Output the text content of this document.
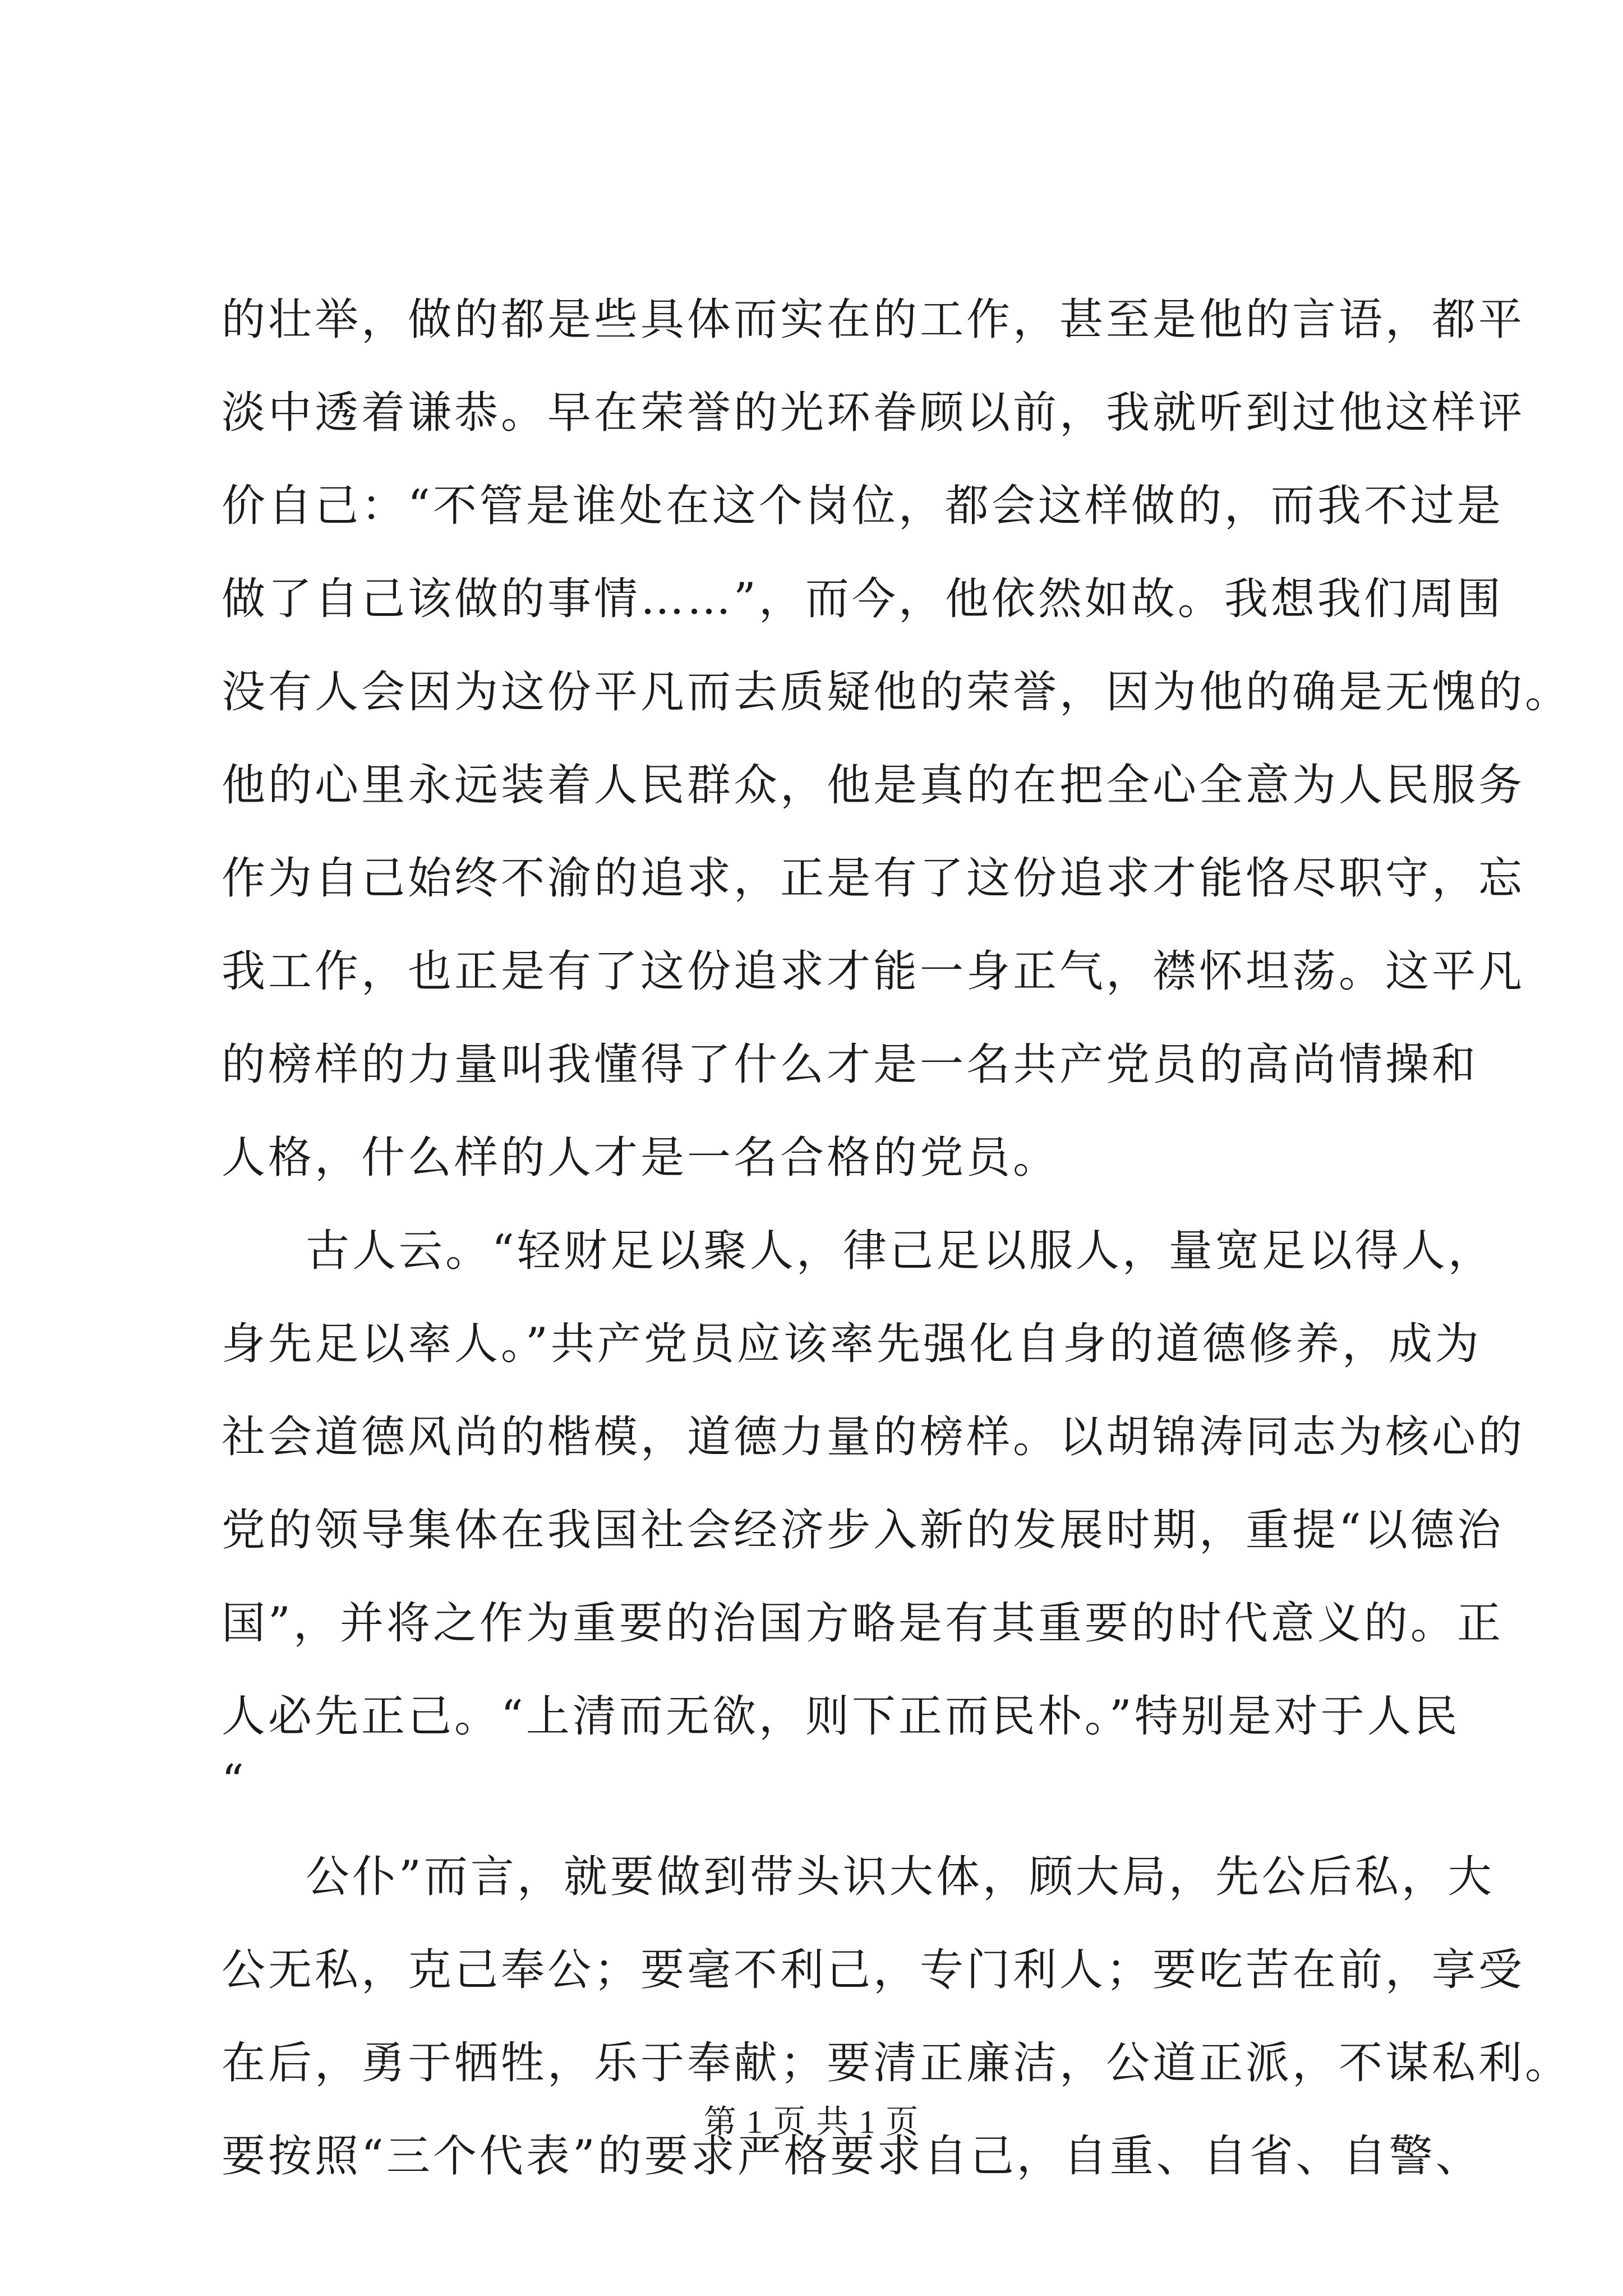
的壮举，做的都是些具体而实在的工作，甚至是他的言语，都平
淡中透着谦恭。早在荣誉的光环眷顾以前，我就听到过他这样评
价自己：“不管是谁处在这个岗位，都会这样做的，而我不过是
做了自己该做的事情……”，而今，他依然如故。我想我们周围
没有人会因为这份平凡而去质疑他的荣誉，因为他的确是无愧的。
他的心里永远装着人民群众，他是真的在把全心全意为人民服务
作为自己始终不渝的追求，正是有了这份追求才能恪尽职守，忘
我工作，也正是有了这份追求才能一身正气，襟怀坦荡。这平凡
的榜样的力量叫我懂得了什么才是一名共产党员的高尚情操和
人格，什么样的人才是一名合格的党员。
古人云。“轻财足以聚人，律己足以服人，量宽足以得人，
身先足以率人。”共产党员应该率先强化自身的道德修养，成为
社会道德风尚的楷模，道德力量的榜样。以胡锦涛同志为核心的
党的领导集体在我国社会经济步入新的发展时期，重提“以德治
国”，并将之作为重要的治国方略是有其重要的时代意义的。正
人必先正己。“上清而无欲，则下正而民朴。”特别是对于人民
“
公仆”而言，就要做到带头识大体，顾大局，先公后私，大
公无私，克己奉公；要毫不利己，专门利人；要吃苦在前，享受
在后，勇于牺牲，乐于奉献；要清正廉洁，公道正派，不谋私利。
要按照“三个代表”的要求严格要求自己，自重、自省、自警、
第 1 页 共 1 页
